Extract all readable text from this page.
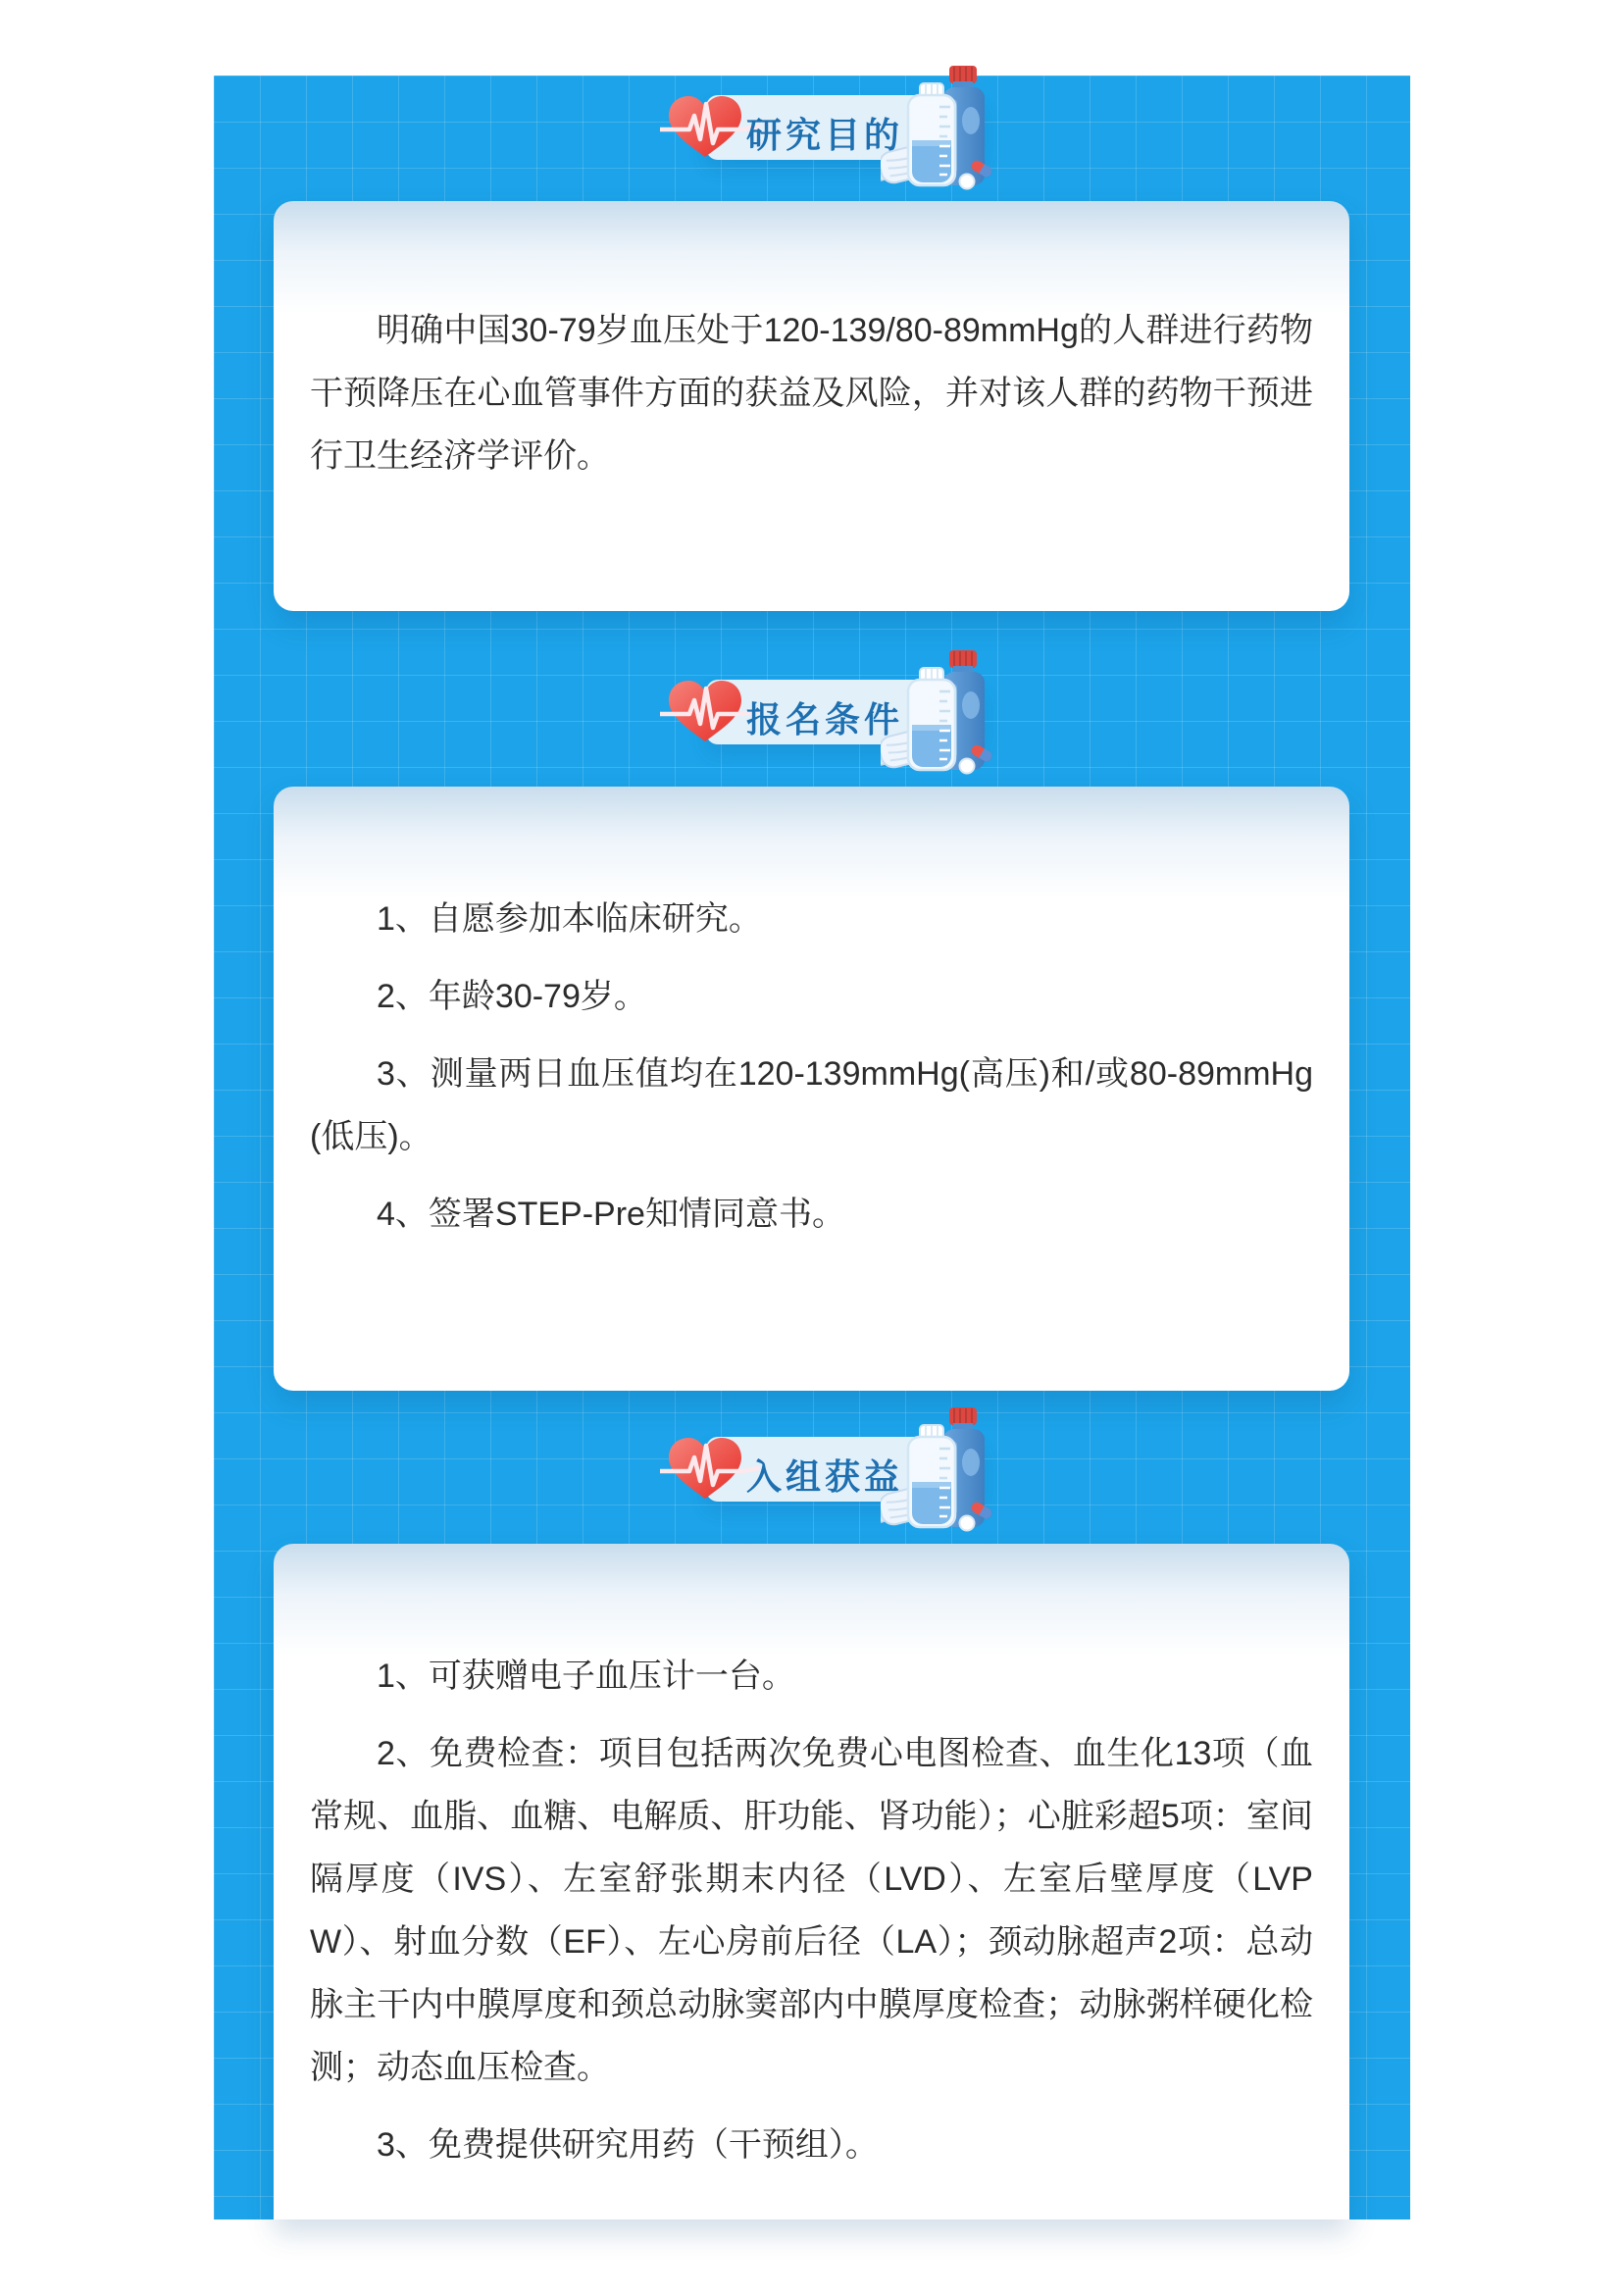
研究目的

明确中国30-79岁血压处于120-139/80-89mmHg的人群进行药物干预降压在心血管事件方面的获益及风险，并对该人群的药物干预进行卫生经济学评价。

报名条件

1、自愿参加本临床研究。

2、年龄30-79岁。

3、测量两日血压值均在120-139mmHg(高压)和/或80-89mmHg(低压)。

4、签署STEP-Pre知情同意书。

入组获益

1、可获赠电子血压计一台。

2、免费检查：项目包括两次免费心电图检查、血生化13项（血常规、血脂、血糖、电解质、肝功能、肾功能）；心脏彩超5项：室间隔厚度（IVS）、左室舒张期末内径（LVD）、左室后壁厚度（LVPW）、射血分数（EF）、左心房前后径（LA）；颈动脉超声2项：总动脉主干内中膜厚度和颈总动脉窦部内中膜厚度检查；动脉粥样硬化检测；动态血压检查。

3、免费提供研究用药（干预组）。
